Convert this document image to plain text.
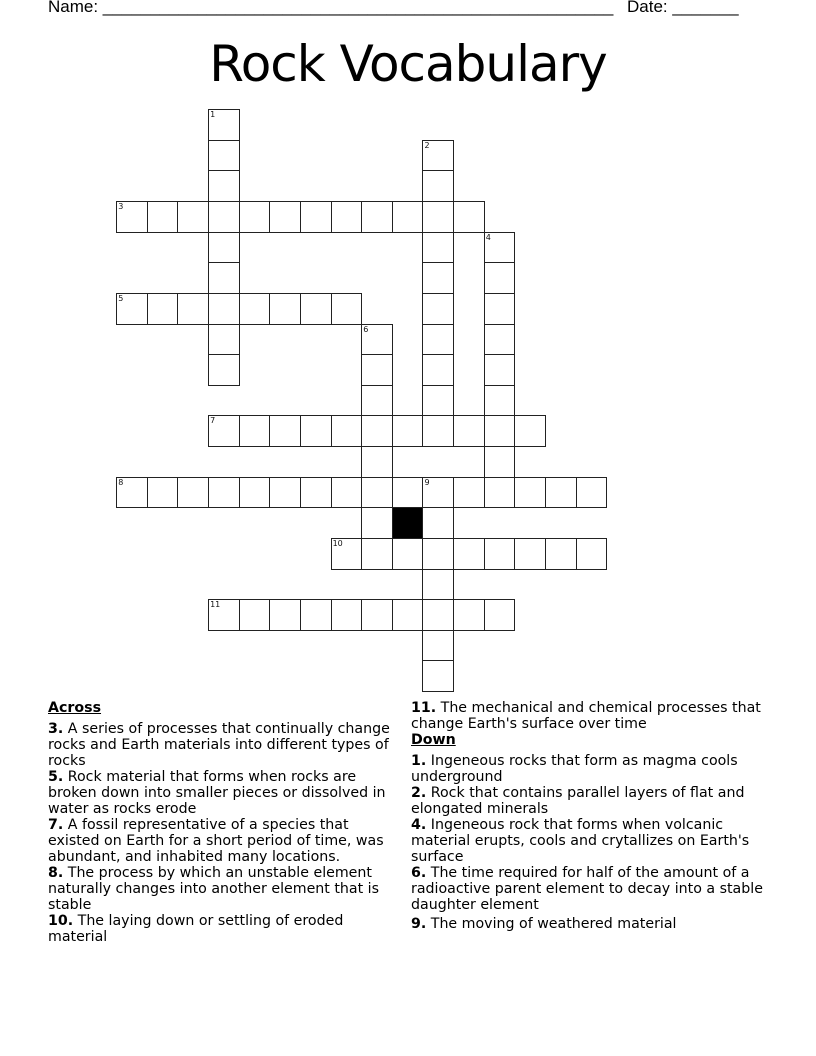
Name: ______________________________________________________ Date: _______
Rock Vocabulary
1
2
3
4
5
6
7
8	9
10
11
Across
3. A series of processes that continually change rocks and Earth materials into different types of rocks
5. Rock material that forms when rocks are broken down into smaller pieces or dissolved in water as rocks erode
7. A fossil representative of a species that existed on Earth for a short period of time, was abundant, and inhabited many locations.
8. The process by which an unstable element naturally changes into another element that is stable
10. The laying down or settling of eroded material
11. The mechanical and chemical processes that change Earth's surface over time
Down
1. Ingeneous rocks that form as magma cools underground
2. Rock that contains parallel layers of flat and elongated minerals
4. Ingeneous rock that forms when volcanic material erupts, cools and crytallizes on Earth's surface
6. The time required for half of the amount of a radioactive parent element to decay into a stable daughter element
9. The moving of weathered material
